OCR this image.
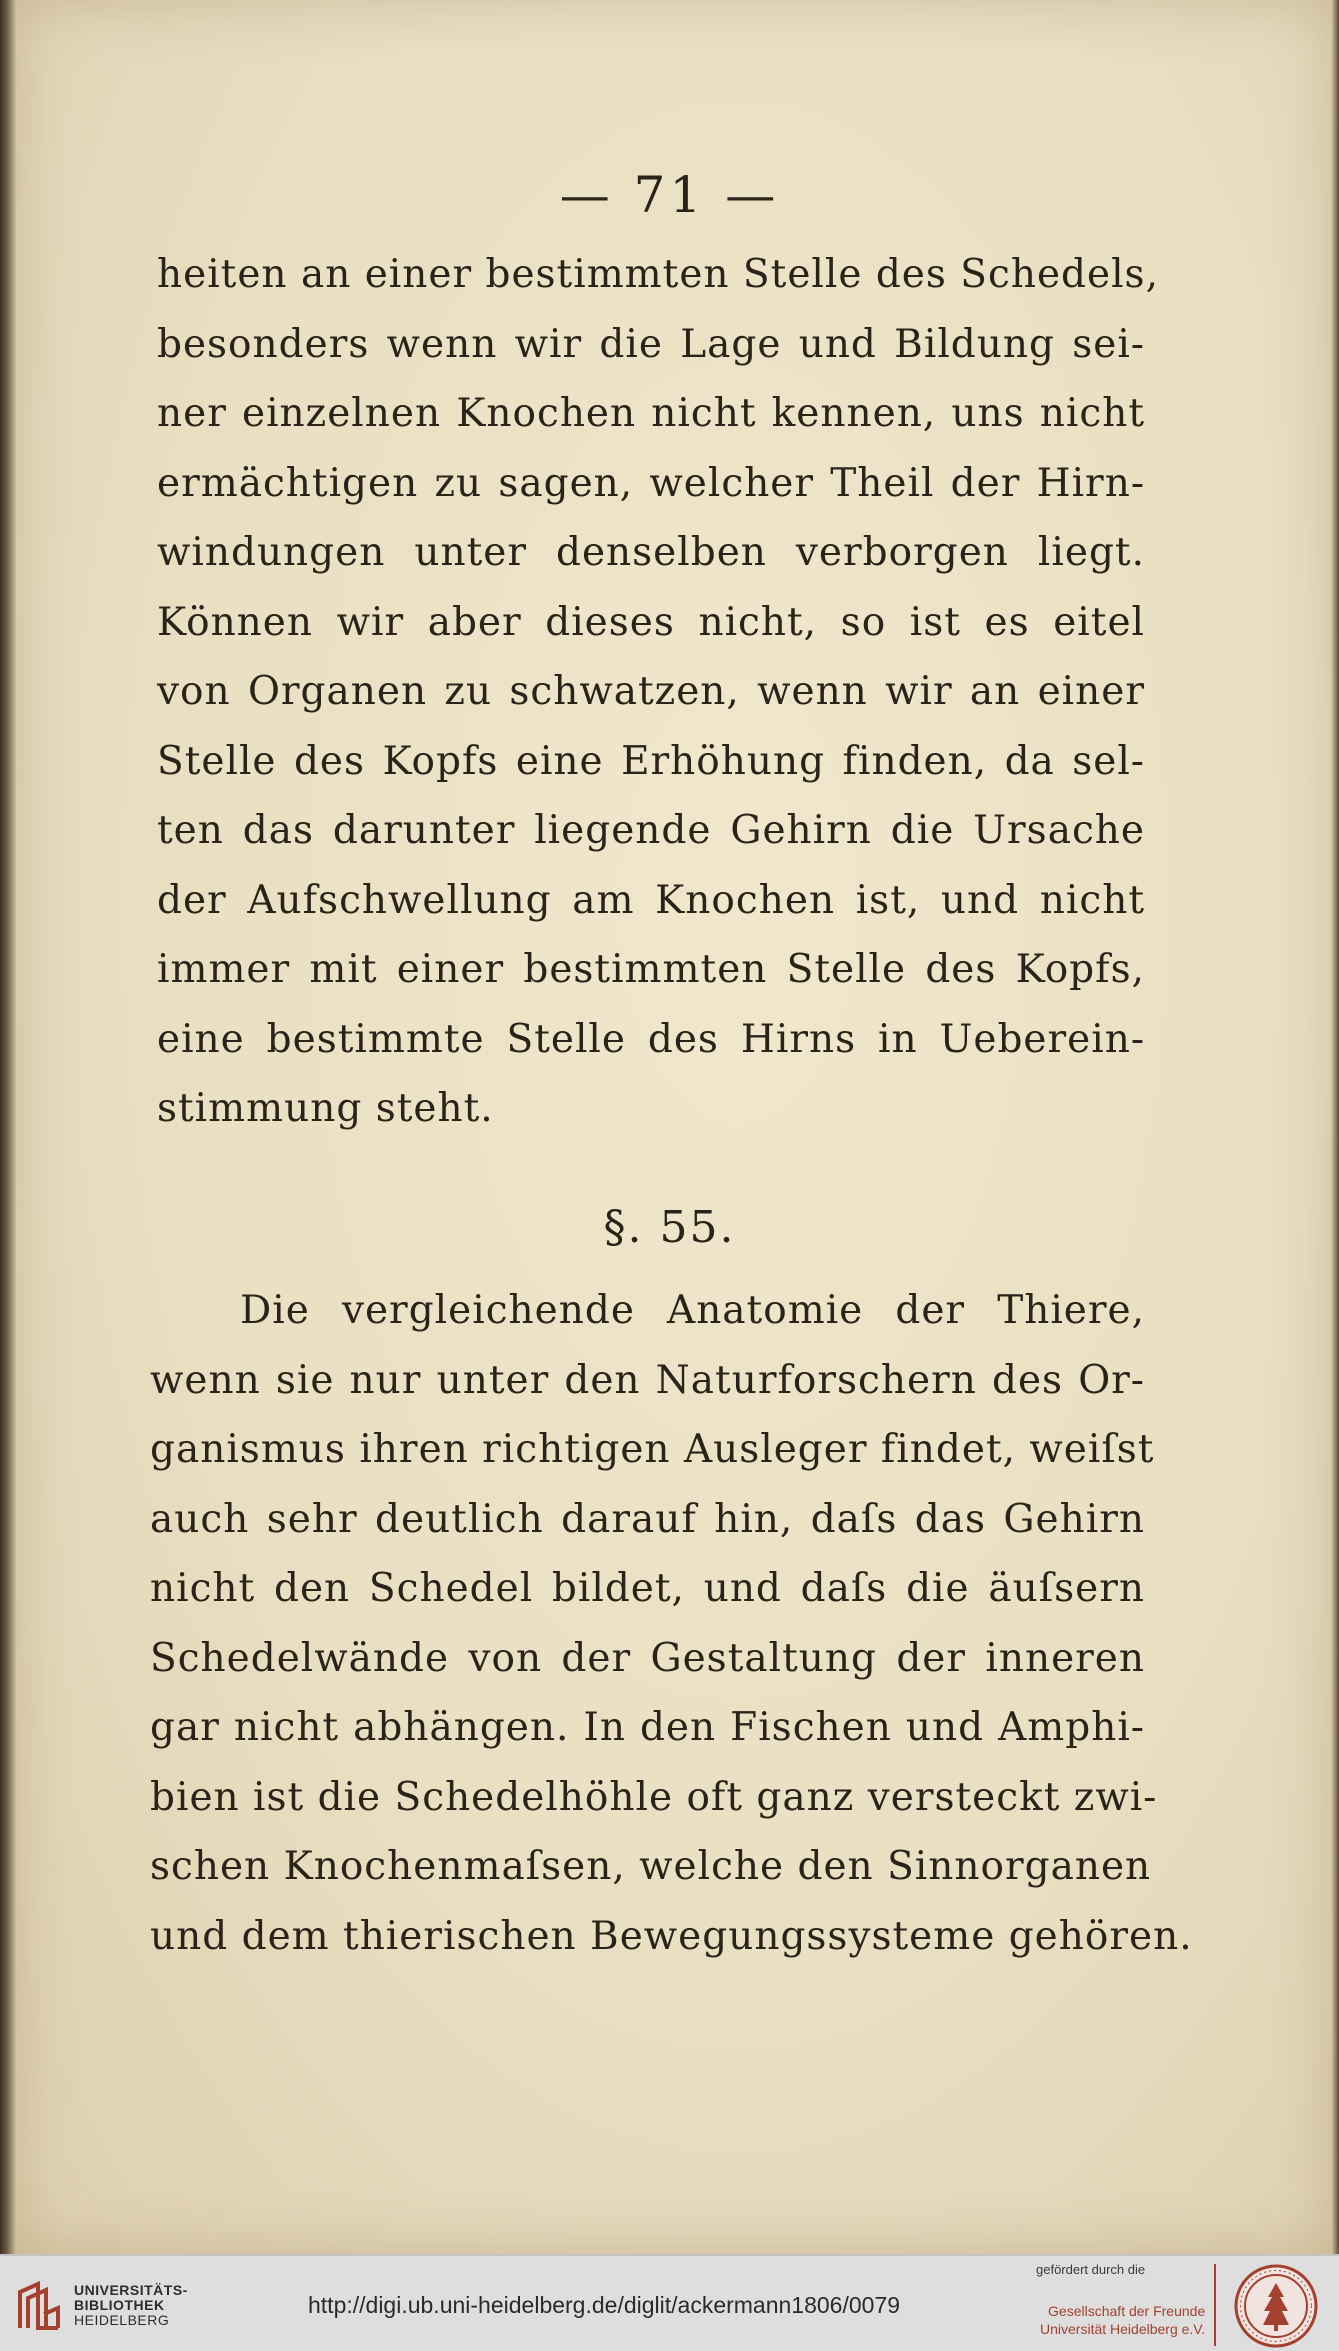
— 71 —
heiten an einer bestimmten Stelle des Schedels,
besonders wenn wir die Lage und Bildung sei-
ner einzelnen Knochen nicht kennen, uns nicht
ermächtigen zu sagen, welcher Theil der Hirn-
windungen unter denselben verborgen liegt.
Können wir aber dieses nicht, so ist es eitel
von Organen zu schwatzen, wenn wir an einer
Stelle des Kopfs eine Erhöhung finden, da sel-
ten das darunter liegende Gehirn die Ursache
der Aufschwellung am Knochen ist, und nicht
immer mit einer bestimmten Stelle des Kopfs,
eine bestimmte Stelle des Hirns in Ueberein-
stimmung steht.
§. 55.
Die vergleichende Anatomie der Thiere,
wenn sie nur unter den Naturforschern des Or-
ganismus ihren richtigen Ausleger findet, weiſst
auch sehr deutlich darauf hin, daſs das Gehirn
nicht den Schedel bildet, und daſs die äuſsern
Schedelwände von der Gestaltung der inneren
gar nicht abhängen. In den Fischen und Amphi-
bien ist die Schedelhöhle oft ganz versteckt zwi-
schen Knochenmaſsen, welche den Sinnorganen
und dem thierischen Bewegungssysteme gehören.
UNIVERSITÄTS-
BIBLIOTHEK
HEIDELBERG
http://digi.ub.uni-heidelberg.de/diglit/ackermann1806/0079
gefördert durch die
Gesellschaft der Freunde
Universität Heidelberg e.V.
